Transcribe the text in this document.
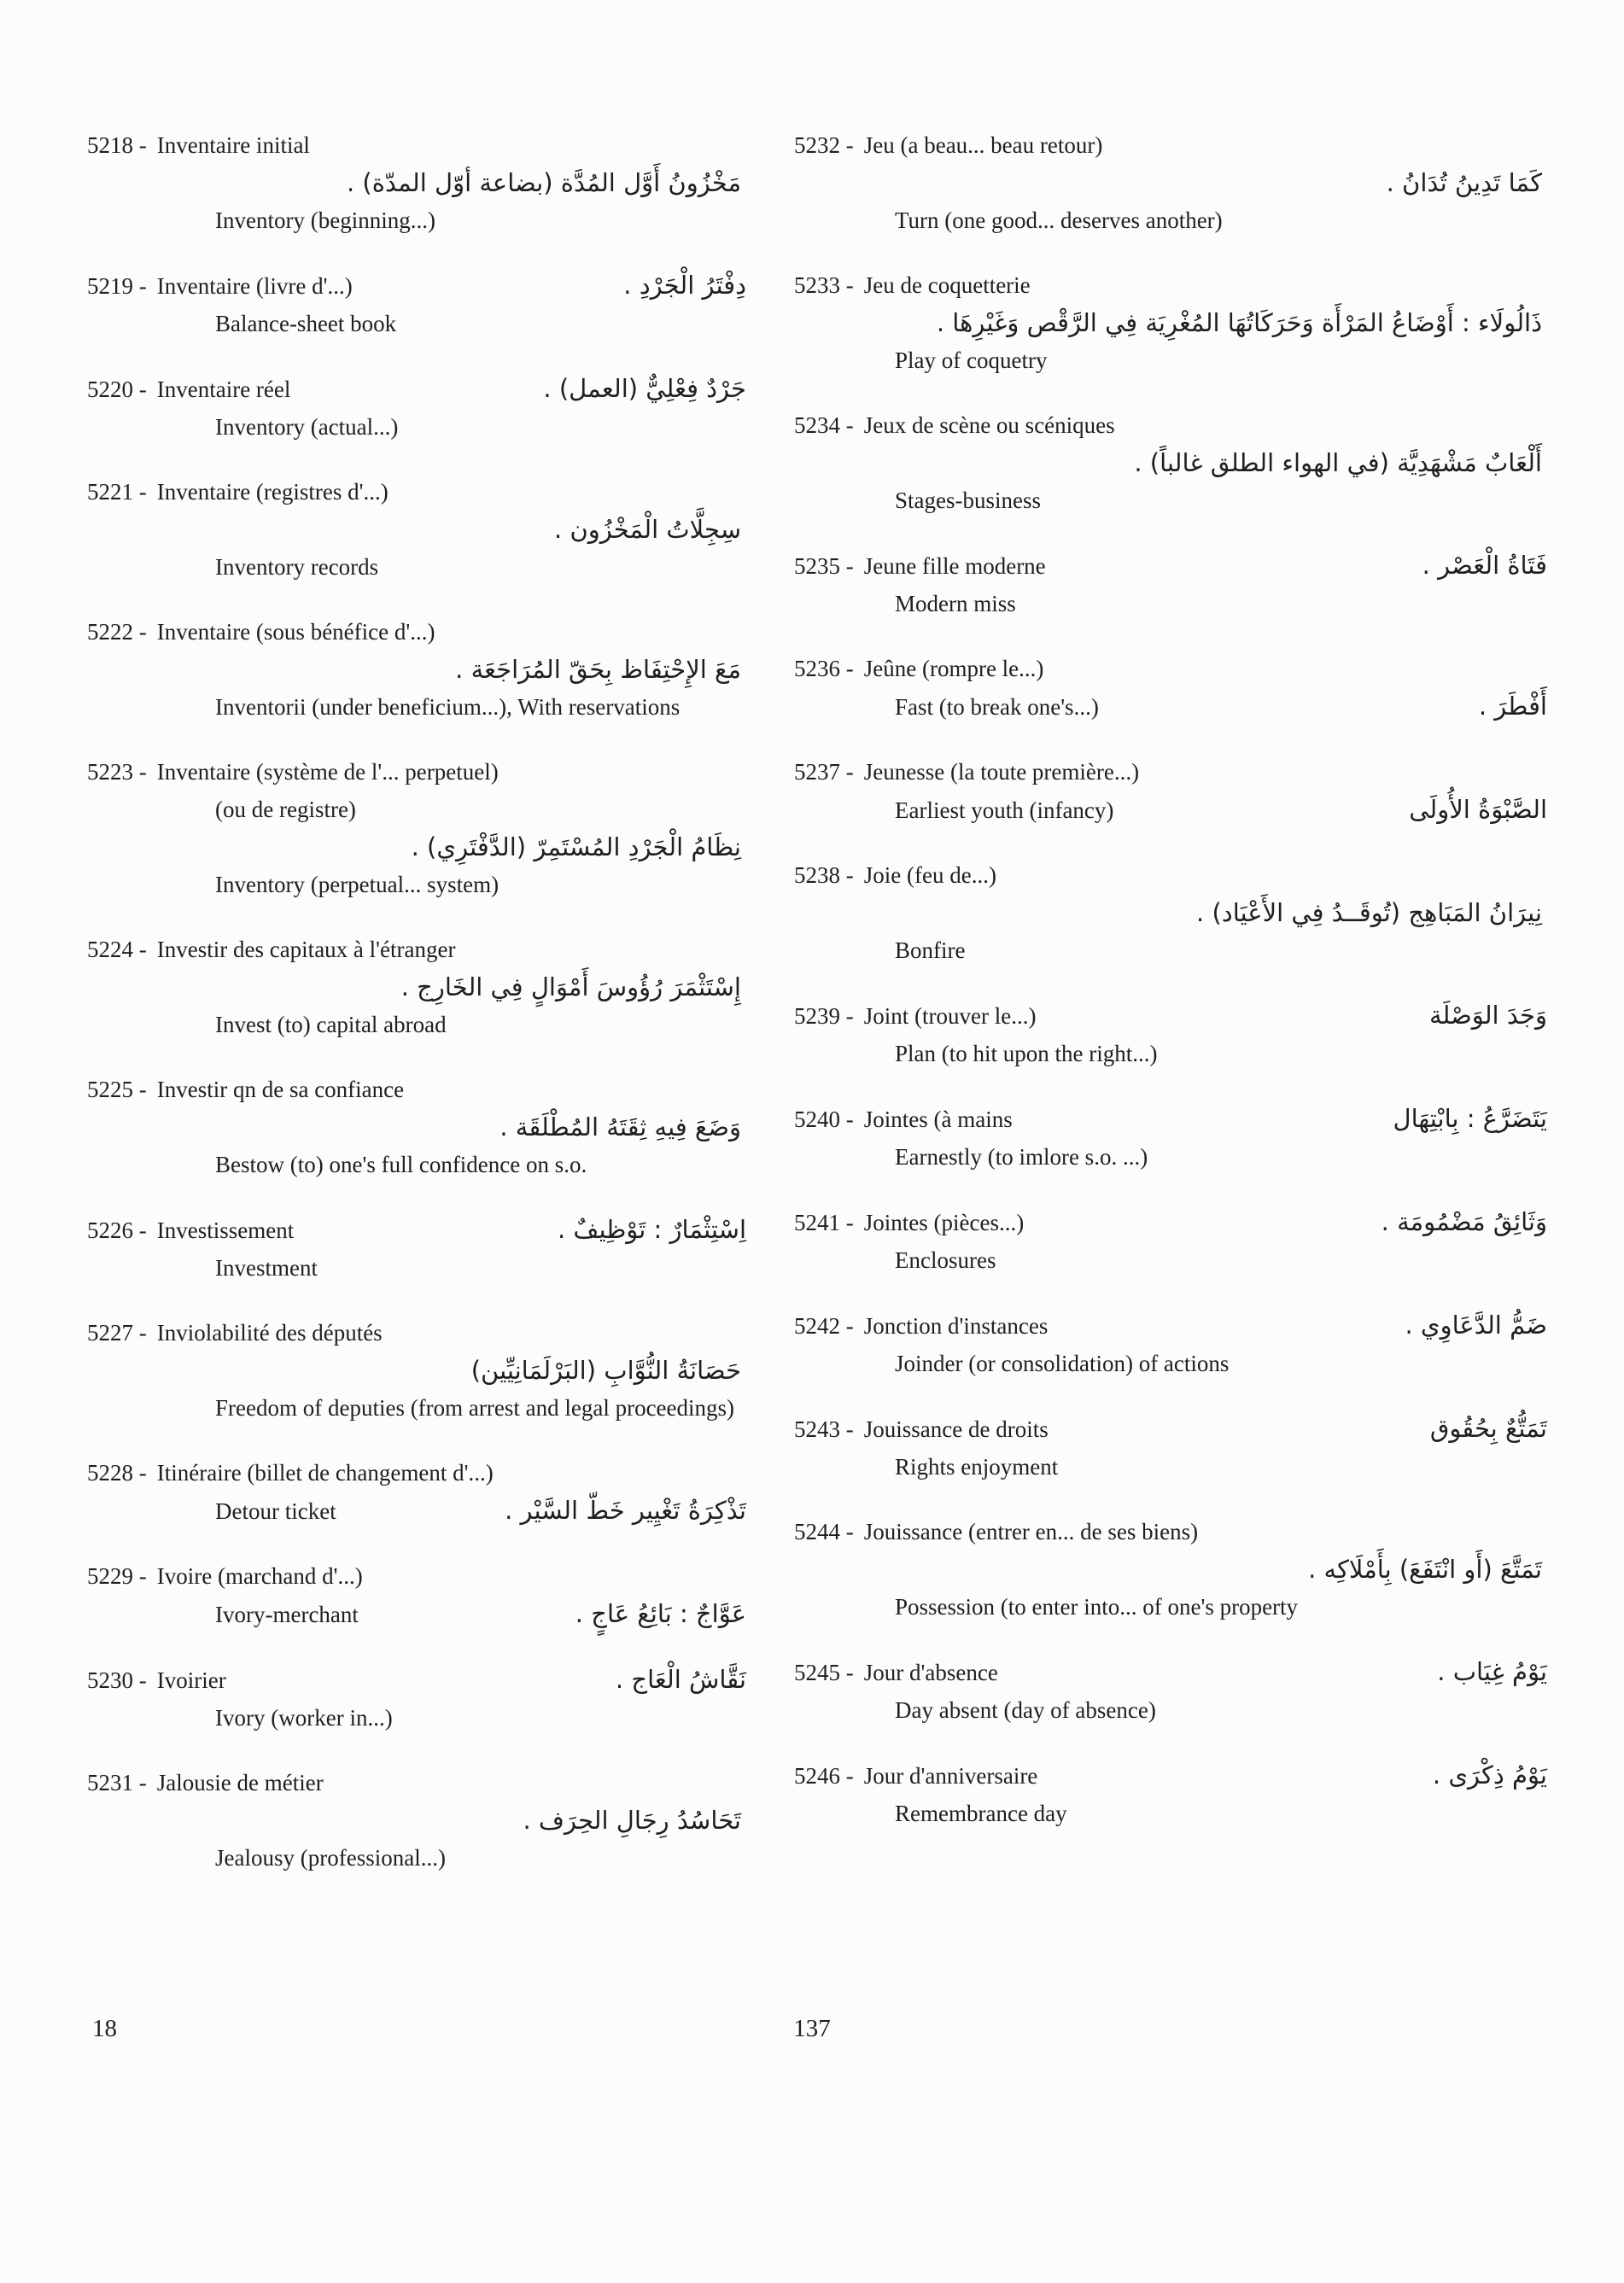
5218 -	Inventaire initial
مَخْزُونُ أَوَّل المُدَّة (بضاعة أوّل المدّة) .
Inventory (beginning...)
5219 -	Inventaire (livre d'...)	دِفْتَرُ الْجَرْدِ .
Balance-sheet book
5220 -	Inventaire réel	جَرْدٌ فِعْلِيٌّ (العمل) .
Inventory (actual...)
5221 -	Inventaire (registres d'...)
سِجِلَّاتُ الْمَخْزُون .
Inventory records
5222 -	Inventaire (sous bénéfice d'...)
مَعَ الإِحْتِفَاظ بِحَقّ المُرَاجَعَة .
Inventorii (under beneficium...), With reservations
5223 -	Inventaire (système de l'... perpetuel)
(ou de registre)
نِظَامُ الْجَرْدِ المُسْتَمِرّ (الدَّفْتَرِي) .
Inventory (perpetual... system)
5224 -	Investir des capitaux à l'étranger
إِسْتَثْمَرَ رُؤُوسَ أَمْوَالٍ فِي الخَارِج .
Invest (to) capital abroad
5225 -	Investir qn de sa confiance
وَضَعَ فِيهِ ثِقَتَهُ المُطْلَقَة .
Bestow (to) one's full confidence on s.o.
5226 -	Investissement	اِسْتِثْمَارٌ : تَوْظِيفٌ .
Investment
5227 -	Inviolabilité des députés
حَصَانَةُ النُّوَّابِ (البَرْلَمَانِيِّين)
Freedom of deputies (from arrest and legal proceedings)
5228 -	Itinéraire (billet de changement d'...)
Detour ticket	تَذْكِرَةُ تَغْيِير خَطّ السَّيْر .
5229 -	Ivoire (marchand d'...)
Ivory-merchant	عَوَّاجٌ : بَائِعُ عَاجٍ .
5230 -	Ivoirier	نَقَّاشُ الْعَاج .
Ivory (worker in...)
5231 -	Jalousie de métier
تَحَاسُدُ رِجَالِ الحِرَف .
Jealousy (professional...)
5232 -	Jeu (a beau... beau retour)
كَمَا تَدِينُ تُدَانُ .
Turn (one good... deserves another)
5233 -	Jeu de coquetterie
ذَالُولَاء : أَوْضَاعُ المَرْأَة وَحَرَكَاتُهَا المُغْرِيَة فِي الرَّقْص وَغَيْرِهَا .
Play of coquetry
5234 -	Jeux de scène ou scéniques
أَلْعَابٌ مَشْهَدِيَّة (في الهواء الطلق غالباً) .
Stages-business
5235 -	Jeune fille moderne	فَتَاةُ الْعَصْر .
Modern miss
5236 -	Jeûne (rompre le...)
Fast (to break one's...)	أَفْطَرَ .
5237 -	Jeunesse (la toute première...)
Earliest youth (infancy)	الصَّبْوَةُ الأُولَى
5238 -	Joie (feu de...)
نِيرَانُ المَبَاهِج (تُوقَــدُ فِي الأَعْيَاد) .
Bonfire
5239 -	Joint (trouver le...)	وَجَدَ الوَصْلَة
Plan (to hit upon the right...)
5240 -	Jointes (à mains	يَتَضَرَّعُ : بِابْتِهَال
Earnestly (to imlore s.o. ...)
5241 -	Jointes (pièces...)	وَثَائِقُ مَضْمُومَة .
Enclosures
5242 -	Jonction d'instances	ضَمُّ الدَّعَاوِي .
Joinder (or consolidation) of actions
5243 -	Jouissance de droits	تَمَتُّعٌ بِحُقُوق
Rights enjoyment
5244 -	Jouissance (entrer en... de ses biens)
تَمَتَّعَ (أَو انْتَفَعَ) بِأَمْلَاكِه .
Possession (to enter into... of one's property
5245 -	Jour d'absence	يَوْمُ غِيَاب .
Day absent (day of absence)
5246 -	Jour d'anniversaire	يَوْمُ ذِكْرَى .
Remembrance day
18	137
